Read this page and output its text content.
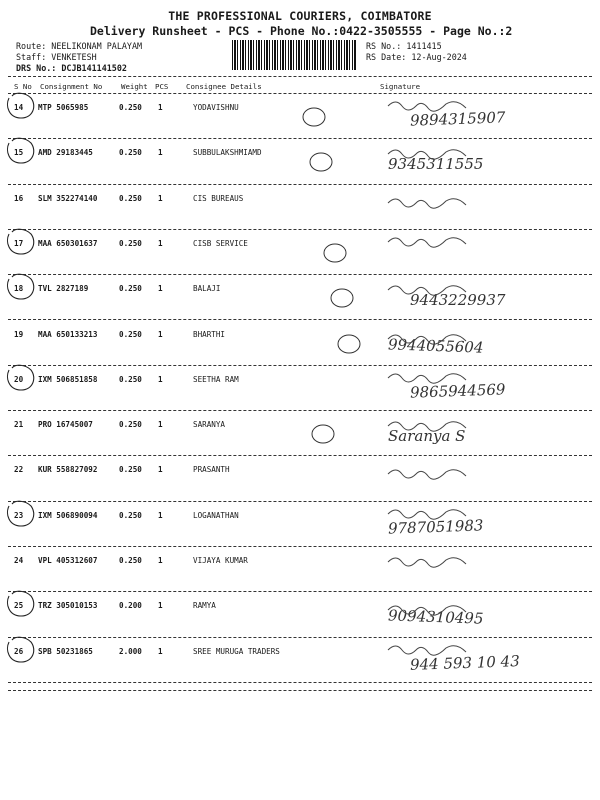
THE PROFESSIONAL COURIERS, COIMBATORE
Delivery Runsheet - PCS - Phone No.:0422-3505555 - Page No.:2
Route: NEELIKONAM PALAYAM
Staff: VENKETESH
DRS No.: DCJB141141502
RS No.: 1411415
RS Date: 12-Aug-2024
S No Consignment No	Weight PCS Consignee Details	Signature
14 MTP 5065985	0.250 1	YODAVISHNU
9894315907
15 AMD 29183445	0.250 1	SUBBULAKSHMIAMD
9345311555
16 SLM 352274140	0.250 1	CIS BUREAUS
17 MAA 650301637	0.250 1	CISB SERVICE
18 TVL 2827189	0.250 1	BALAJI
9443229937
19 MAA 650133213	0.250 1	BHARTHI
9944055604
20 IXM 506851858	0.250 1	SEETHA RAM
9865944569
21 PRO 16745007	0.250 1	SARANYA
Saranya S
22 KUR 558827092	0.250 1	PRASANTH
23 IXM 506890094	0.250 1	LOGANATHAN
9787051983
24 VPL 405312607	0.250 1	VIJAYA KUMAR
25 TRZ 305010153	0.200 1	RAMYA
9094310495
26 SPB 50231865	2.000 1	SREE MURUGA TRADERS
944 593 10 43
